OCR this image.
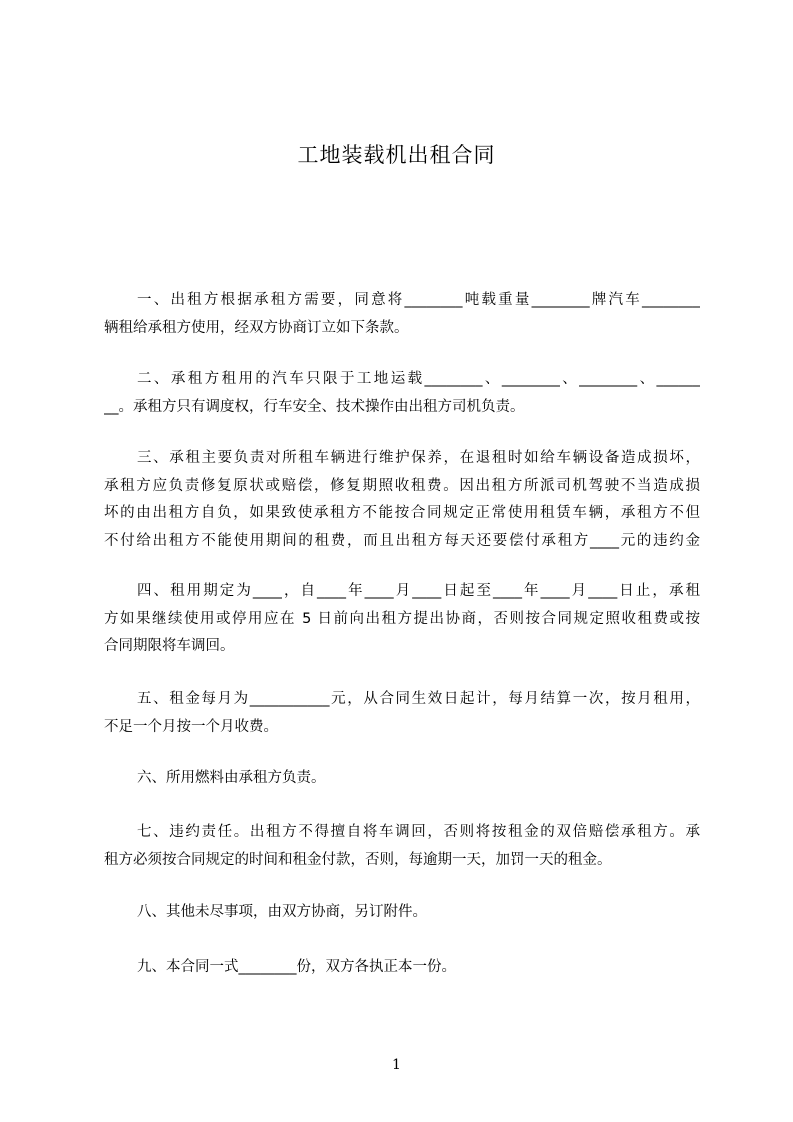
工地装载机出租合同
一、出租方根据承租方需要，同意将________吨载重量________牌汽车________
辆租给承租方使用，经双方协商订立如下条款。
二、承租方租用的汽车只限于工地运载________、________、________、______
__。承租方只有调度权，行车安全、技术操作由出租方司机负责。
三、承租主要负责对所租车辆进行维护保养，在退租时如给车辆设备造成损坏，
承租方应负责修复原状或赔偿，修复期照收租费。因出租方所派司机驾驶不当造成损
坏的由出租方自负，如果致使承租方不能按合同规定正常使用租赁车辆，承租方不但
不付给出租方不能使用期间的租费，而且出租方每天还要偿付承租方____元的违约金
四、租用期定为____，自____年____月____日起至____年____月____日止，承租
方如果继续使用或停用应在 5 日前向出租方提出协商，否则按合同规定照收租费或按
合同期限将车调回。
五、租金每月为___________元，从合同生效日起计，每月结算一次，按月租用，
不足一个月按一个月收费。
六、所用燃料由承租方负责。
七、违约责任。出租方不得擅自将车调回，否则将按租金的双倍赔偿承租方。承
租方必须按合同规定的时间和租金付款，否则，每逾期一天，加罚一天的租金。
八、其他未尽事项，由双方协商，另订附件。
九、本合同一式________份，双方各执正本一份。
1
